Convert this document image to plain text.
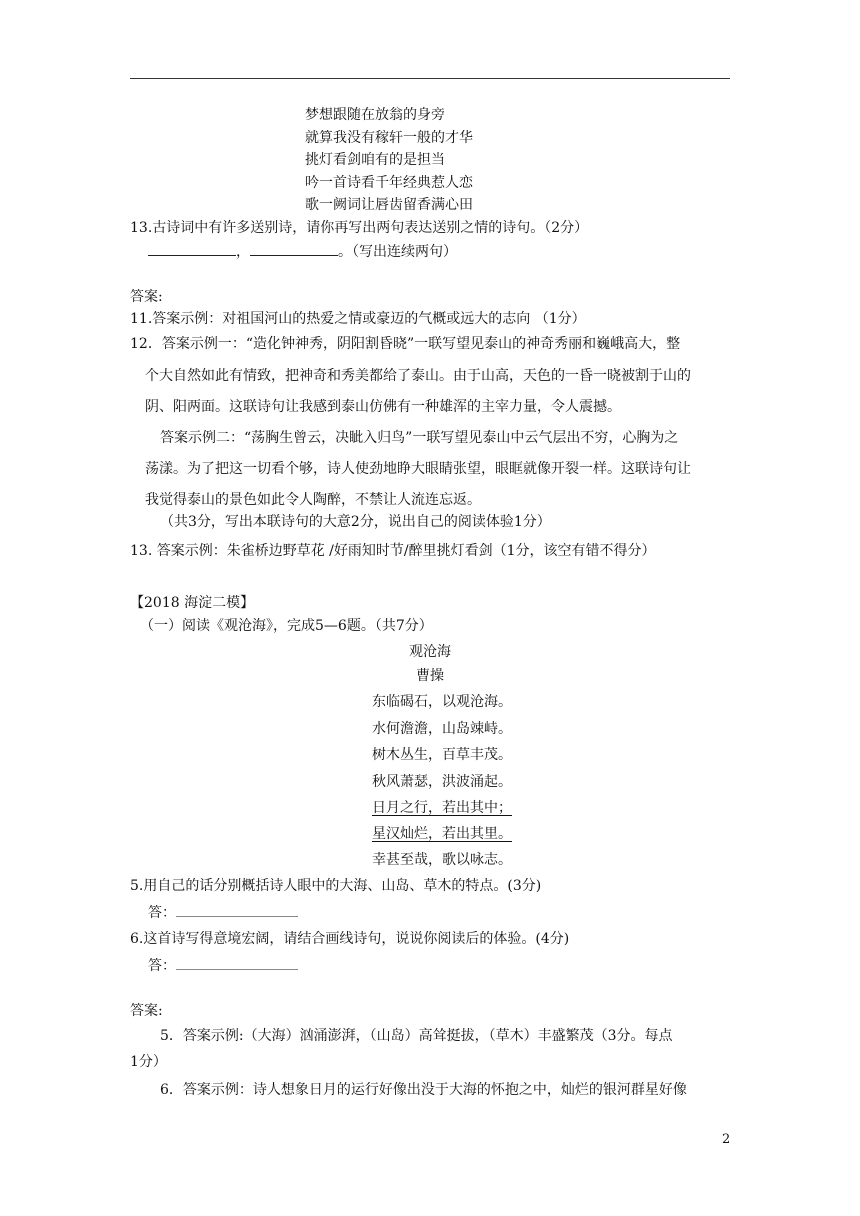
梦想跟随在放翁的身旁
就算我没有稼轩一般的才华
挑灯看剑咱有的是担当
吟一首诗看千年经典惹人恋
歌一阙词让唇齿留香满心田
13.古诗词中有许多送别诗，请你再写出两句表达送别之情的诗句。（2分）
，	。（写出连续两句）
答案:
11.答案示例：对祖国河山的热爱之情或豪迈的气概或远大的志向 （1分）
12．答案示例一：“造化钟神秀，阴阳割昏晓”一联写望见泰山的神奇秀丽和巍峨高大，整
个大自然如此有情致，把神奇和秀美都给了泰山。由于山高，天色的一昏一晓被割于山的
阴、阳两面。这联诗句让我感到泰山仿佛有一种雄浑的主宰力量，令人震撼。
答案示例二：“荡胸生曾云，决眦入归鸟”一联写望见泰山中云气层出不穷，心胸为之
荡漾。为了把这一切看个够，诗人使劲地睁大眼睛张望，眼眶就像开裂一样。这联诗句让
我觉得泰山的景色如此令人陶醉，不禁让人流连忘返。
（共3分，写出本联诗句的大意2分，说出自己的阅读体验1分）
13. 答案示例：朱雀桥边野草花 /好雨知时节/醉里挑灯看剑（1分，该空有错不得分）
【2018 海淀二模】
（一）阅读《观沧海》，完成5—6题。（共7分）
观沧海
曹操
东临碣石，以观沧海。
水何澹澹，山岛竦峙。
树木丛生，百草丰茂。
秋风萧瑟，洪波涌起。
日月之行，若出其中；
星汉灿烂，若出其里。
幸甚至哉，歌以咏志。
5.用自己的话分别概括诗人眼中的大海、山岛、草木的特点。(3分)
答：
6.这首诗写得意境宏阔，请结合画线诗句，说说你阅读后的体验。(4分)
答：
答案:
5．答案示例:（大海）汹涌澎湃，（山岛）高耸挺拔，（草木）丰盛繁茂（3分。每点
1分）
6．答案示例：诗人想象日月的运行好像出没于大海的怀抱之中，灿烂的银河群星好像
2
